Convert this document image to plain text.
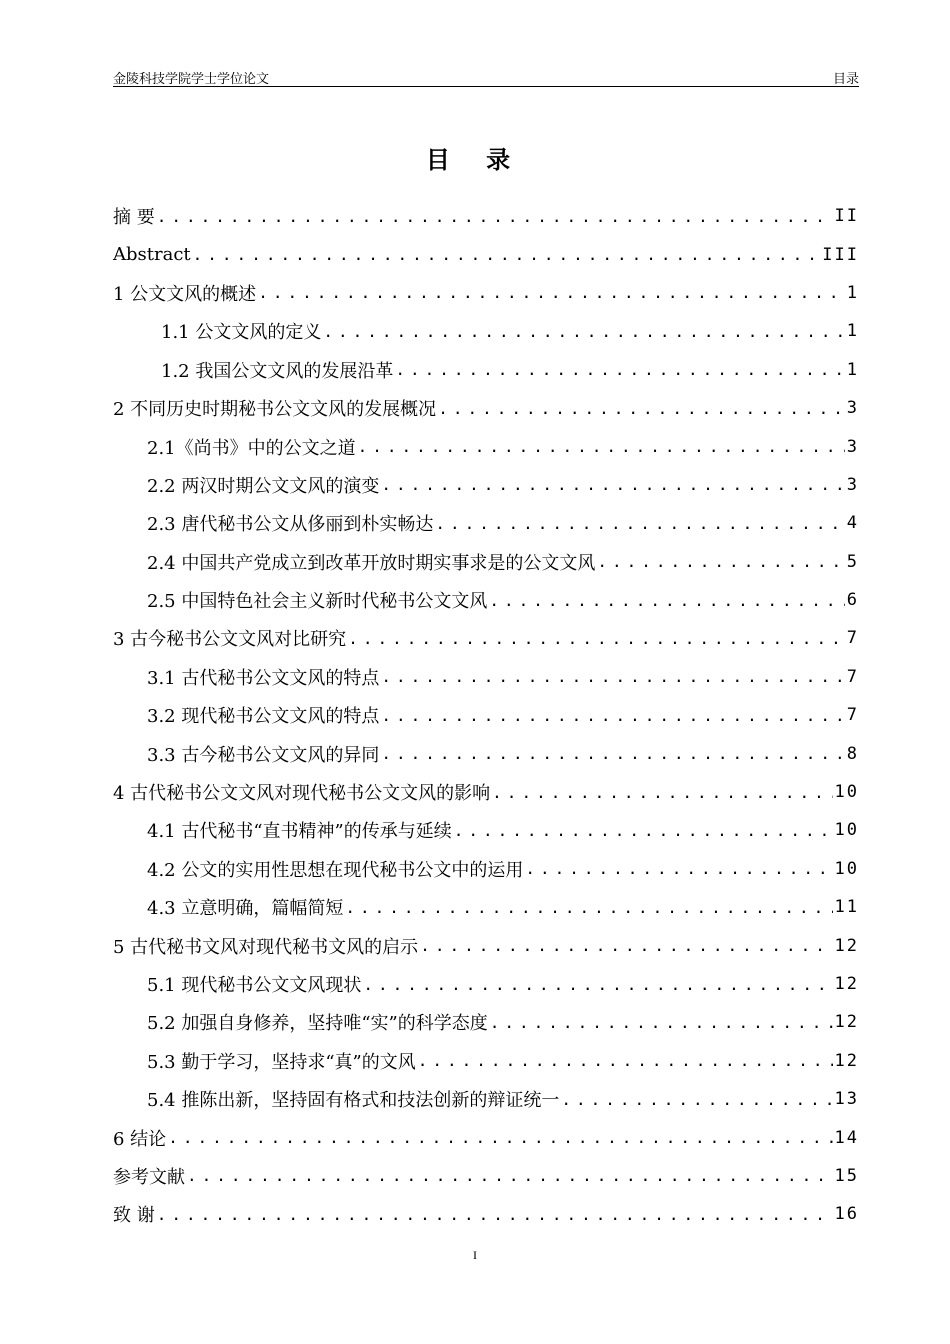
金陵科技学院学士学位论文	目录
目 录
摘 要 .....	II
Abstract .....	III
1 公文文风的概述 .....	1
1.1 公文文风的定义 .....	1
1.2 我国公文文风的发展沿革 .....	1
2 不同历史时期秘书公文文风的发展概况 .....	3
2.1《尚书》中的公文之道 .....	3
2.2 两汉时期公文文风的演变 .....	3
2.3 唐代秘书公文从侈丽到朴实畅达 .....	4
2.4 中国共产党成立到改革开放时期实事求是的公文文风 .....	5
2.5 中国特色社会主义新时代秘书公文文风 .....	6
3 古今秘书公文文风对比研究 .....	7
3.1 古代秘书公文文风的特点 .....	7
3.2 现代秘书公文文风的特点 .....	7
3.3 古今秘书公文文风的异同 .....	8
4 古代秘书公文文风对现代秘书公文文风的影响 .....	10
4.1 古代秘书“直书精神”的传承与延续 .....	10
4.2 公文的实用性思想在现代秘书公文中的运用 .....	10
4.3 立意明确，篇幅简短 .....	11
5 古代秘书文风对现代秘书文风的启示 .....	12
5.1 现代秘书公文文风现状 .....	12
5.2 加强自身修养，坚持唯“实”的科学态度 .....	12
5.3 勤于学习，坚持求“真”的文风 .....	12
5.4 推陈出新，坚持固有格式和技法创新的辩证统一 .....	13
6 结论 .....	14
参考文献 .....	15
致 谢 .....	16
I
